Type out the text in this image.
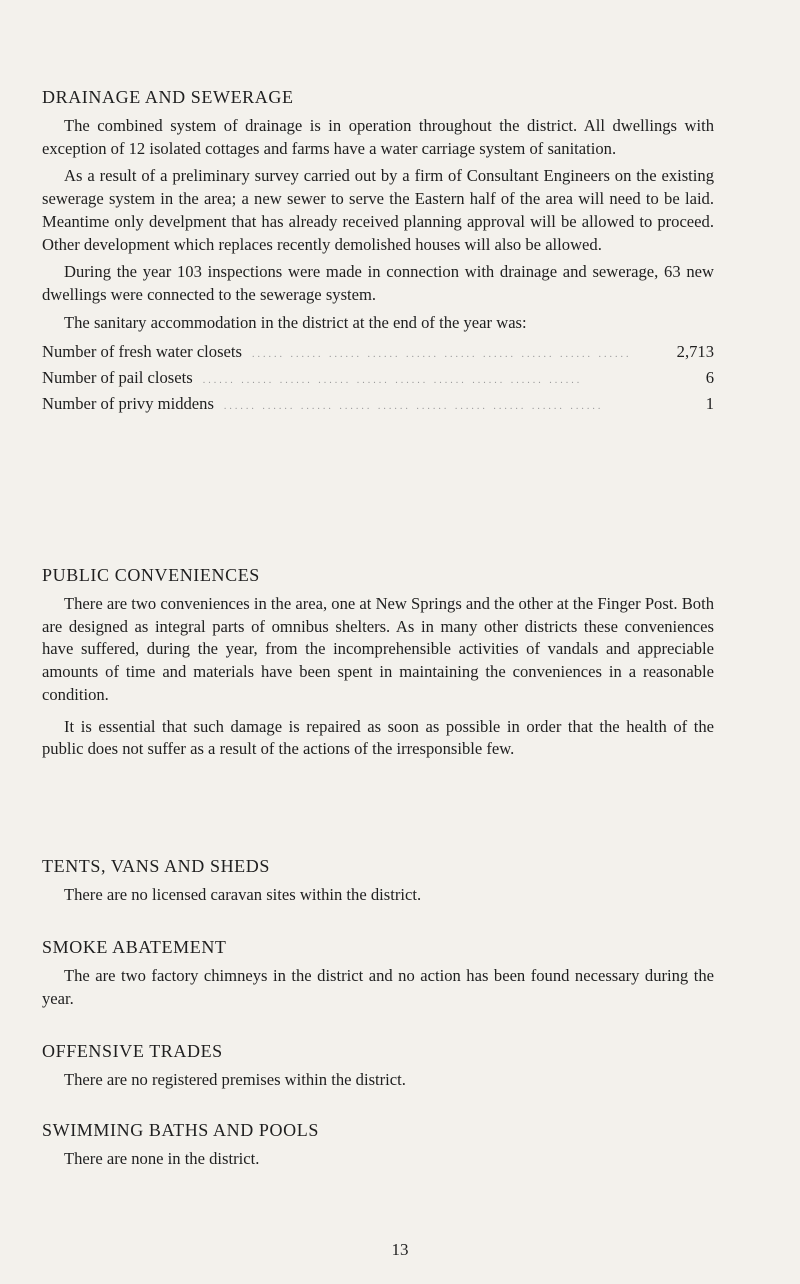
DRAINAGE AND SEWERAGE

The combined system of drainage is in operation throughout the district. All dwellings with exception of 12 isolated cottages and farms have a water carriage system of sanitation.

As a result of a preliminary survey carried out by a firm of Consultant Engineers on the existing sewerage system in the area; a new sewer to serve the Eastern half of the area will need to be laid. Meantime only develpment that has already received planning approval will be allowed to proceed. Other development which replaces recently demolished houses will also be allowed.

During the year 103 inspections were made in connection with drainage and sewerage, 63 new dwellings were connected to the sewerage system.

The sanitary accommodation in the district at the end of the year was:

Number of fresh water closets ...... ...... ...... ...... ...... ...... ...... ...... ...... ......	2,713
Number of pail closets ...... ...... ...... ...... ...... ...... ...... ...... ...... ......	6
Number of privy middens ...... ...... ...... ...... ...... ...... ...... ...... ...... ......	1
PUBLIC CONVENIENCES

There are two conveniences in the area, one at New Springs and the other at the Finger Post. Both are designed as integral parts of omnibus shelters. As in many other districts these conveniences have suffered, during the year, from the incomprehensible activities of vandals and appreciable amounts of time and materials have been spent in maintaining the conveniences in a reasonable condition.

It is essential that such damage is repaired as soon as possible in order that the health of the public does not suffer as a result of the actions of the irresponsible few.

TENTS, VANS AND SHEDS

There are no licensed caravan sites within the district.

SMOKE ABATEMENT

The are two factory chimneys in the district and no action has been found necessary during the year.

OFFENSIVE TRADES

There are no registered premises within the district.

SWIMMING BATHS AND POOLS

There are none in the district.

13
